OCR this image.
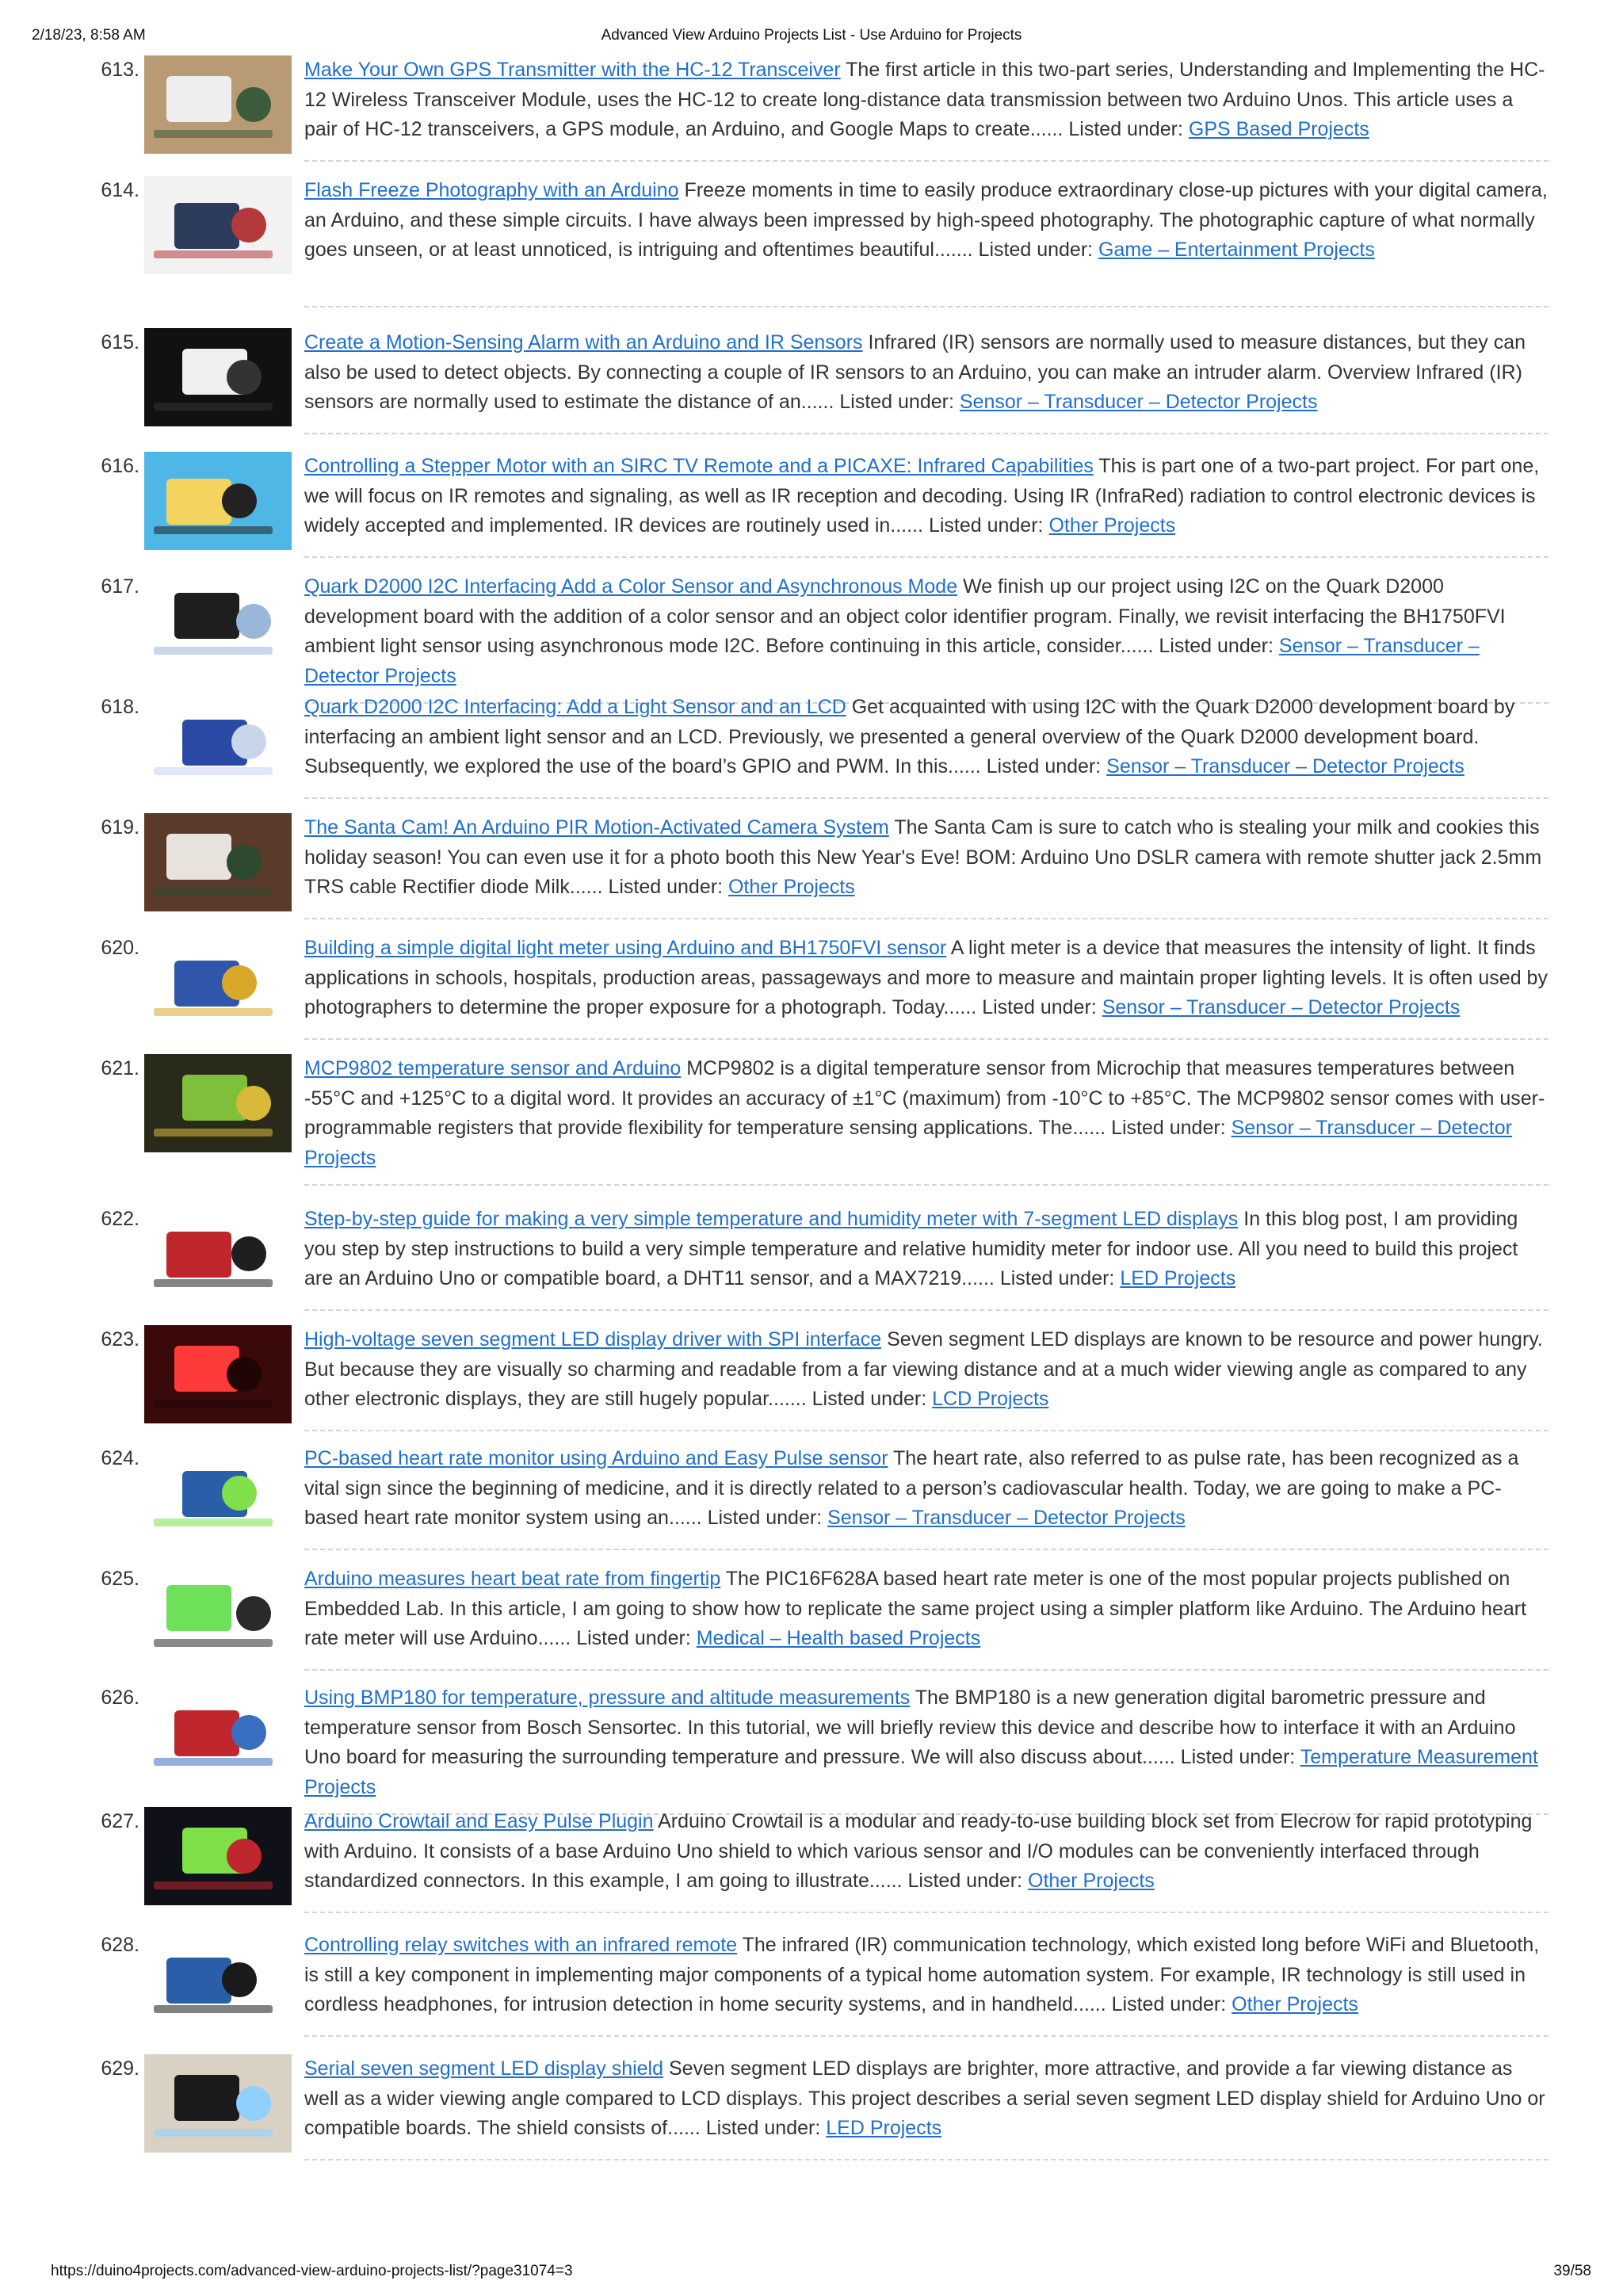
2/18/23, 8:58 AM	Advanced View Arduino Projects List - Use Arduino for Projects
613.	Make Your Own GPS Transmitter with the HC-12 Transceiver The first article in this two-part series, Understanding and Implementing the HC-12 Wireless Transceiver Module, uses the HC-12 to create long-distance data transmission between two Arduino Unos. This article uses a pair of HC-12 transceivers, a GPS module, an Arduino, and Google Maps to create...... Listed under: GPS Based Projects
614.	Flash Freeze Photography with an Arduino Freeze moments in time to easily produce extraordinary close-up pictures with your digital camera, an Arduino, and these simple circuits. I have always been impressed by high-speed photography. The photographic capture of what normally goes unseen, or at least unnoticed, is intriguing and oftentimes beautiful....... Listed under: Game – Entertainment Projects
615.	Create a Motion-Sensing Alarm with an Arduino and IR Sensors Infrared (IR) sensors are normally used to measure distances, but they can also be used to detect objects. By connecting a couple of IR sensors to an Arduino, you can make an intruder alarm. Overview Infrared (IR) sensors are normally used to estimate the distance of an...... Listed under: Sensor – Transducer – Detector Projects
616.	Controlling a Stepper Motor with an SIRC TV Remote and a PICAXE: Infrared Capabilities This is part one of a two-part project. For part one, we will focus on IR remotes and signaling, as well as IR reception and decoding. Using IR (InfraRed) radiation to control electronic devices is widely accepted and implemented. IR devices are routinely used in...... Listed under: Other Projects
617.	Quark D2000 I2C Interfacing Add a Color Sensor and Asynchronous Mode We finish up our project using I2C on the Quark D2000 development board with the addition of a color sensor and an object color identifier program. Finally, we revisit interfacing the BH1750FVI ambient light sensor using asynchronous mode I2C. Before continuing in this article, consider...... Listed under: Sensor – Transducer – Detector Projects
618.	Quark D2000 I2C Interfacing: Add a Light Sensor and an LCD Get acquainted with using I2C with the Quark D2000 development board by interfacing an ambient light sensor and an LCD. Previously, we presented a general overview of the Quark D2000 development board. Subsequently, we explored the use of the board’s GPIO and PWM. In this...... Listed under: Sensor – Transducer – Detector Projects
619.	The Santa Cam! An Arduino PIR Motion-Activated Camera System The Santa Cam is sure to catch who is stealing your milk and cookies this holiday season! You can even use it for a photo booth this New Year's Eve! BOM: Arduino Uno DSLR camera with remote shutter jack 2.5mm TRS cable Rectifier diode Milk...... Listed under: Other Projects
620.	Building a simple digital light meter using Arduino and BH1750FVI sensor A light meter is a device that measures the intensity of light. It finds applications in schools, hospitals, production areas, passageways and more to measure and maintain proper lighting levels. It is often used by photographers to determine the proper exposure for a photograph. Today...... Listed under: Sensor – Transducer – Detector Projects
621.	MCP9802 temperature sensor and Arduino MCP9802 is a digital temperature sensor from Microchip that measures temperatures between -55°C and +125°C to a digital word. It provides an accuracy of ±1°C (maximum) from -10°C to +85°C. The MCP9802 sensor comes with user-programmable registers that provide flexibility for temperature sensing applications. The...... Listed under: Sensor – Transducer – Detector Projects
622.	Step-by-step guide for making a very simple temperature and humidity meter with 7-segment LED displays In this blog post, I am providing you step by step instructions to build a very simple temperature and relative humidity meter for indoor use. All you need to build this project are an Arduino Uno or compatible board, a DHT11 sensor, and a MAX7219...... Listed under: LED Projects
623.	High-voltage seven segment LED display driver with SPI interface Seven segment LED displays are known to be resource and power hungry. But because they are visually so charming and readable from a far viewing distance and at a much wider viewing angle as compared to any other electronic displays, they are still hugely popular....... Listed under: LCD Projects
624.	PC-based heart rate monitor using Arduino and Easy Pulse sensor The heart rate, also referred to as pulse rate, has been recognized as a vital sign since the beginning of medicine, and it is directly related to a person’s cadiovascular health. Today, we are going to make a PC-based heart rate monitor system using an...... Listed under: Sensor – Transducer – Detector Projects
625.	Arduino measures heart beat rate from fingertip The PIC16F628A based heart rate meter is one of the most popular projects published on Embedded Lab. In this article, I am going to show how to replicate the same project using a simpler platform like Arduino. The Arduino heart rate meter will use Arduino...... Listed under: Medical – Health based Projects
626.	Using BMP180 for temperature, pressure and altitude measurements The BMP180 is a new generation digital barometric pressure and temperature sensor from Bosch Sensortec. In this tutorial, we will briefly review this device and describe how to interface it with an Arduino Uno board for measuring the surrounding temperature and pressure. We will also discuss about...... Listed under: Temperature Measurement Projects
627.	Arduino Crowtail and Easy Pulse Plugin Arduino Crowtail is a modular and ready-to-use building block set from Elecrow for rapid prototyping with Arduino. It consists of a base Arduino Uno shield to which various sensor and I/O modules can be conveniently interfaced through standardized connectors. In this example, I am going to illustrate...... Listed under: Other Projects
628.	Controlling relay switches with an infrared remote The infrared (IR) communication technology, which existed long before WiFi and Bluetooth, is still a key component in implementing major components of a typical home automation system. For example, IR technology is still used in cordless headphones, for intrusion detection in home security systems, and in handheld...... Listed under: Other Projects
629.	Serial seven segment LED display shield Seven segment LED displays are brighter, more attractive, and provide a far viewing distance as well as a wider viewing angle compared to LCD displays. This project describes a serial seven segment LED display shield for Arduino Uno or compatible boards. The shield consists of...... Listed under: LED Projects
https://duino4projects.com/advanced-view-arduino-projects-list/?page31074=3	39/58
